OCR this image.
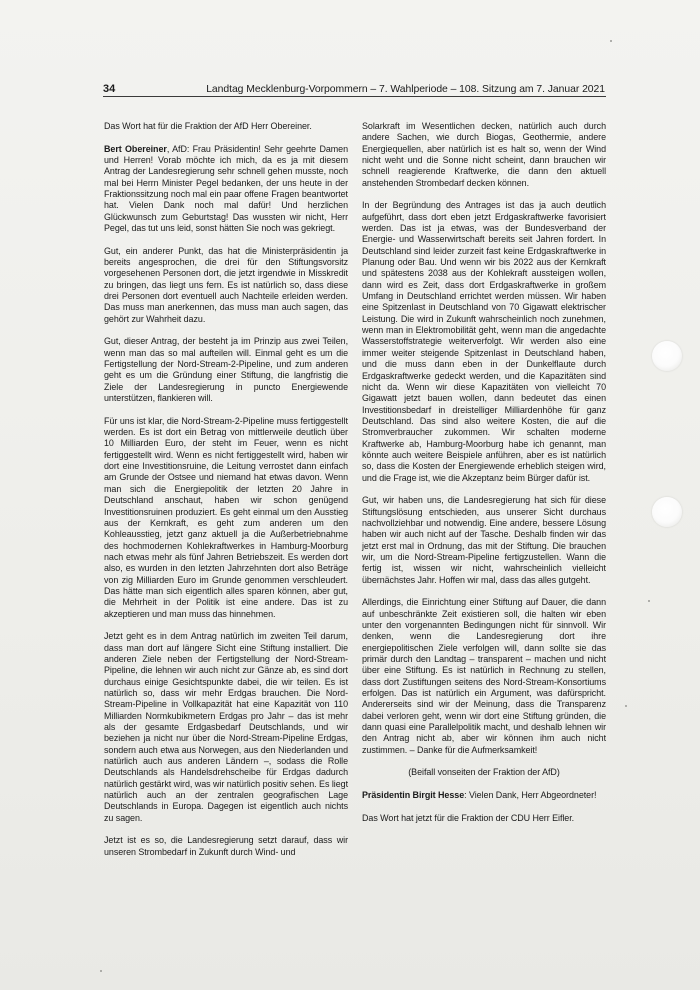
34	Landtag Mecklenburg-Vorpommern – 7. Wahlperiode – 108. Sitzung am 7. Januar 2021

Das Wort hat für die Fraktion der AfD Herr Obereiner.

Bert Obereiner, AfD: Frau Präsidentin! Sehr geehrte Damen und Herren! Vorab möchte ich mich, da es ja mit diesem Antrag der Landesregierung sehr schnell gehen musste, noch mal bei Herrn Minister Pegel bedanken, der uns heute in der Fraktionssitzung noch mal ein paar offene Fragen beantwortet hat. Vielen Dank noch mal dafür! Und herzlichen Glückwunsch zum Geburtstag! Das wussten wir nicht, Herr Pegel, das tut uns leid, sonst hätten Sie noch was gekriegt.

Gut, ein anderer Punkt, das hat die Ministerpräsidentin ja bereits angesprochen, die drei für den Stiftungsvorsitz vorgesehenen Personen dort, die jetzt irgendwie in Misskredit zu bringen, das liegt uns fern. Es ist natürlich so, dass diese drei Personen dort eventuell auch Nachteile erleiden werden. Das muss man anerkennen, das muss man auch sagen, das gehört zur Wahrheit dazu.

Gut, dieser Antrag, der besteht ja im Prinzip aus zwei Teilen, wenn man das so mal aufteilen will. Einmal geht es um die Fertigstellung der Nord-Stream-2-Pipeline, und zum anderen geht es um die Gründung einer Stiftung, die langfristig die Ziele der Landesregierung in puncto Energiewende unterstützen, flankieren will.

Für uns ist klar, die Nord-Stream-2-Pipeline muss fertiggestellt werden. Es ist dort ein Betrag von mittlerweile deutlich über 10 Milliarden Euro, der steht im Feuer, wenn es nicht fertiggestellt wird. Wenn es nicht fertiggestellt wird, haben wir dort eine Investitionsruine, die Leitung verrostet dann einfach am Grunde der Ostsee und niemand hat etwas davon. Wenn man sich die Energiepolitik der letzten 20 Jahre in Deutschland anschaut, haben wir schon genügend Investitionsruinen produziert. Es geht einmal um den Ausstieg aus der Kernkraft, es geht zum anderen um den Kohleausstieg, jetzt ganz aktuell ja die Außerbetriebnahme des hochmodernen Kohlekraftwerkes in Hamburg-Moorburg nach etwas mehr als fünf Jahren Betriebszeit. Es werden dort also, es wurden in den letzten Jahrzehnten dort also Beträge von zig Milliarden Euro im Grunde genommen verschleudert. Das hätte man sich eigentlich alles sparen können, aber gut, die Mehrheit in der Politik ist eine andere. Das ist zu akzeptieren und man muss das hinnehmen.

Jetzt geht es in dem Antrag natürlich im zweiten Teil darum, dass man dort auf längere Sicht eine Stiftung installiert. Die anderen Ziele neben der Fertigstellung der Nord-Stream-Pipeline, die lehnen wir auch nicht zur Gänze ab, es sind dort durchaus einige Gesichtspunkte dabei, die wir teilen. Es ist natürlich so, dass wir mehr Erdgas brauchen. Die Nord-Stream-Pipeline in Vollkapazität hat eine Kapazität von 110 Milliarden Normkubikmetern Erdgas pro Jahr – das ist mehr als der gesamte Erdgasbedarf Deutschlands, und wir beziehen ja nicht nur über die Nord-Stream-Pipeline Erdgas, sondern auch etwa aus Norwegen, aus den Niederlanden und natürlich auch aus anderen Ländern –, sodass die Rolle Deutschlands als Handelsdrehscheibe für Erdgas dadurch natürlich gestärkt wird, was wir natürlich positiv sehen. Es liegt natürlich auch an der zentralen geografischen Lage Deutschlands in Europa. Dagegen ist eigentlich auch nichts zu sagen.

Jetzt ist es so, die Landesregierung setzt darauf, dass wir unseren Strombedarf in Zukunft durch Wind- und

Solarkraft im Wesentlichen decken, natürlich auch durch andere Sachen, wie durch Biogas, Geothermie, andere Energiequellen, aber natürlich ist es halt so, wenn der Wind nicht weht und die Sonne nicht scheint, dann brauchen wir schnell reagierende Kraftwerke, die dann den aktuell anstehenden Strombedarf decken können.

In der Begründung des Antrages ist das ja auch deutlich aufgeführt, dass dort eben jetzt Erdgaskraftwerke favorisiert werden. Das ist ja etwas, was der Bundesverband der Energie- und Wasserwirtschaft bereits seit Jahren fordert. In Deutschland sind leider zurzeit fast keine Erdgaskraftwerke in Planung oder Bau. Und wenn wir bis 2022 aus der Kernkraft und spätestens 2038 aus der Kohlekraft aussteigen wollen, dann wird es Zeit, dass dort Erdgaskraftwerke in großem Umfang in Deutschland errichtet werden müssen. Wir haben eine Spitzenlast in Deutschland von 70 Gigawatt elektrischer Leistung. Die wird in Zukunft wahrscheinlich noch zunehmen, wenn man in Elektromobilität geht, wenn man die angedachte Wasserstoffstrategie weiterverfolgt. Wir werden also eine immer weiter steigende Spitzenlast in Deutschland haben, und die muss dann eben in der Dunkelflaute durch Erdgaskraftwerke gedeckt werden, und die Kapazitäten sind nicht da. Wenn wir diese Kapazitäten von vielleicht 70 Gigawatt jetzt bauen wollen, dann bedeutet das einen Investitionsbedarf in dreistelliger Milliardenhöhe für ganz Deutschland. Das sind also weitere Kosten, die auf die Stromverbraucher zukommen. Wir schalten moderne Kraftwerke ab, Hamburg-Moorburg habe ich genannt, man könnte auch weitere Beispiele anführen, aber es ist natürlich so, dass die Kosten der Energiewende erheblich steigen wird, und die Frage ist, wie die Akzeptanz beim Bürger dafür ist.

Gut, wir haben uns, die Landesregierung hat sich für diese Stiftungslösung entschieden, aus unserer Sicht durchaus nachvollziehbar und notwendig. Eine andere, bessere Lösung haben wir auch nicht auf der Tasche. Deshalb finden wir das jetzt erst mal in Ordnung, das mit der Stiftung. Die brauchen wir, um die Nord-Stream-Pipeline fertigzustellen. Wann die fertig ist, wissen wir nicht, wahrscheinlich vielleicht übernächstes Jahr. Hoffen wir mal, dass das alles gutgeht.

Allerdings, die Einrichtung einer Stiftung auf Dauer, die dann auf unbeschränkte Zeit existieren soll, die halten wir eben unter den vorgenannten Bedingungen nicht für sinnvoll. Wir denken, wenn die Landesregierung dort ihre energiepolitischen Ziele verfolgen will, dann sollte sie das primär durch den Landtag – transparent – machen und nicht über eine Stiftung. Es ist natürlich in Rechnung zu stellen, dass dort Zustiftungen seitens des Nord-Stream-Konsortiums erfolgen. Das ist natürlich ein Argument, was dafürspricht. Andererseits sind wir der Meinung, dass die Transparenz dabei verloren geht, wenn wir dort eine Stiftung gründen, die dann quasi eine Parallelpolitik macht, und deshalb lehnen wir den Antrag nicht ab, aber wir können ihm auch nicht zustimmen. – Danke für die Aufmerksamkeit!

(Beifall vonseiten der Fraktion der AfD)

Präsidentin Birgit Hesse: Vielen Dank, Herr Abgeordneter!

Das Wort hat jetzt für die Fraktion der CDU Herr Eifler.
